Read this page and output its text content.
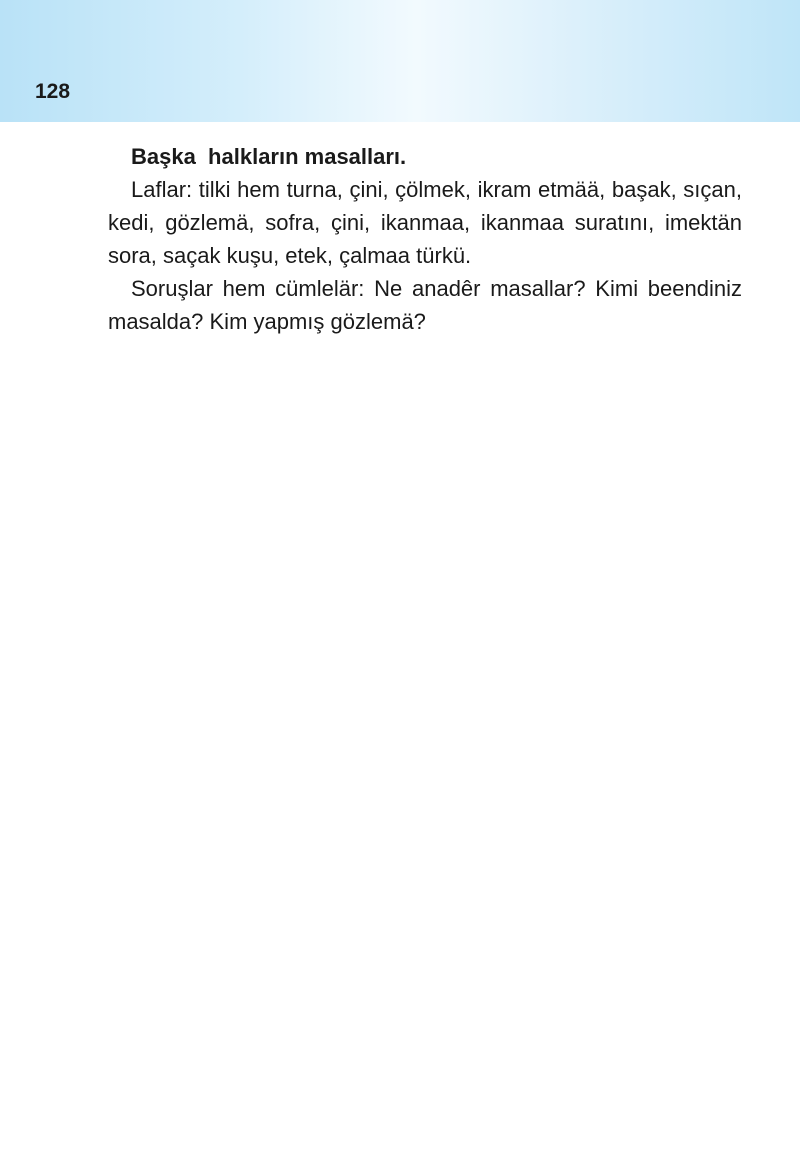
128

Başka  halkların masalları.

Laflar: tilki hem turna, çini, çölmek, ikram etmää, başak, sıçan, kedi, gözlemä, sofra, çini, ikanmaa, ikanmaa suratını, imektän sora, saçak kuşu, etek, çalmaa türkü.

Soruşlar hem cümlelär: Ne anadêr masallar? Kimi beendiniz masalda? Kim yapmış gözlemä?
